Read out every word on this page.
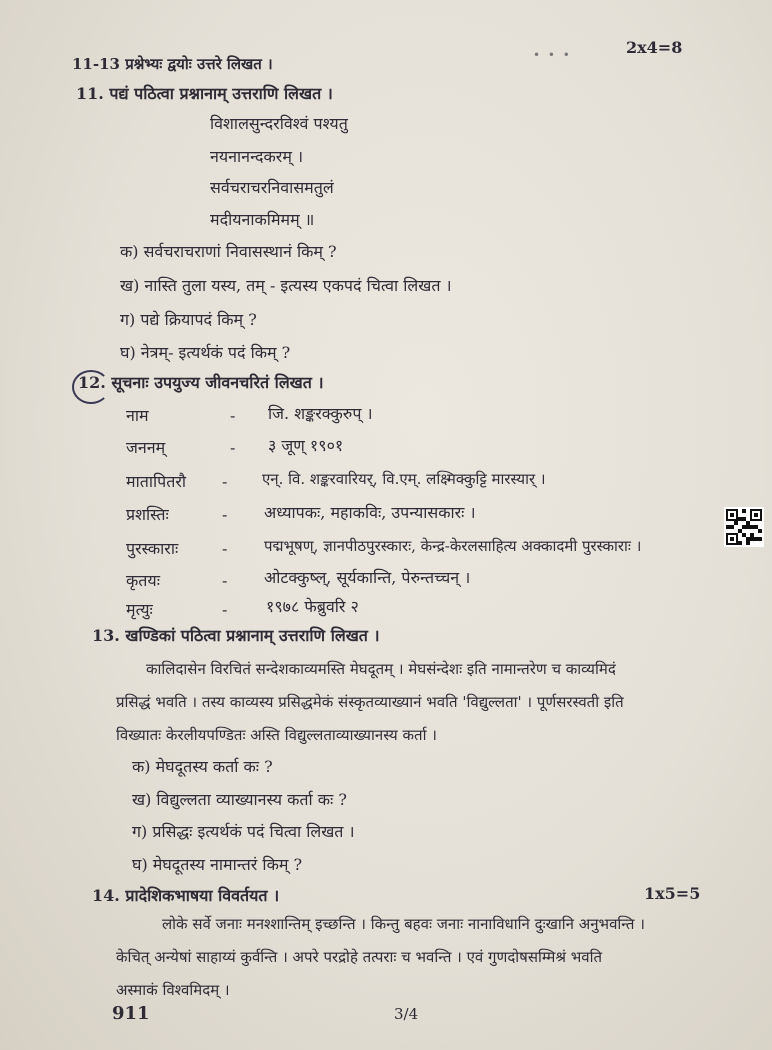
11-13 प्रश्नेभ्यः द्वयोः उत्तरे लिखत ।	• • •	2x4=8
11. पद्यं पठित्वा प्रश्नानाम् उत्तराणि लिखत ।
विशालसुन्दरविश्वं पश्यतु
नयनानन्दकरम् ।
सर्वचराचरनिवासमतुलं
मदीयनाकमिमम् ॥
क) सर्वचराचराणां निवासस्थानं किम् ?
ख) नास्ति तुला यस्य, तम् - इत्यस्य एकपदं चित्वा लिखत ।
ग) पद्ये क्रियापदं किम् ?
घ) नेत्रम्- इत्यर्थकं पदं किम् ?
12. सूचनाः उपयुज्य जीवनचरितं लिखत ।
नाम	- जि. शङ्करक्कुरुप् ।
जननम्	- ३ जूण् १९०१
मातापितरौ - एन्. वि. शङ्करवारियर्, वि.एम्. लक्ष्मिक्कुट्टि मारस्यार् ।
प्रशस्तिः	- अध्यापकः, महाकविः, उपन्यासकारः ।
पुरस्काराः	- पद्मभूषण्, ज्ञानपीठपुरस्कारः, केन्द्र-केरलसाहित्य अक्कादमी पुरस्काराः ।
कृतयः	- ओटक्कुष्ल्, सूर्यकान्ति, पेरुन्तच्चन् ।
मृत्युः	- १९७८ फेब्रुवरि २
13. खण्डिकां पठित्वा प्रश्नानाम् उत्तराणि लिखत ।
कालिदासेन विरचितं सन्देशकाव्यमस्ति मेघदूतम् । मेघसंन्देशः इति नामान्तरेण च काव्यमिदं
प्रसिद्धं भवति । तस्य काव्यस्य प्रसिद्धमेकं संस्कृतव्याख्यानं भवति 'विद्युल्लता' । पूर्णसरस्वती इति
विख्यातः केरलीयपण्डितः अस्ति विद्युल्लताव्याख्यानस्य कर्ता ।
क) मेघदूतस्य कर्ता कः ?
ख) विद्युल्लता व्याख्यानस्य कर्ता कः ?
ग) प्रसिद्धः इत्यर्थकं पदं चित्वा लिखत ।
घ) मेघदूतस्य नामान्तरं किम् ?
14. प्रादेशिकभाषया विवर्तयत ।	1x5=5
लोके सर्वे जनाः मनश्शान्तिम् इच्छन्ति । किन्तु बहवः जनाः नानाविधानि दुःखानि अनुभवन्ति ।
केचित् अन्येषां साहाय्यं कुर्वन्ति । अपरे परद्रोहे तत्पराः च भवन्ति । एवं गुणदोषसम्मिश्रं भवति
अस्माकं विश्वमिदम् ।
911	3/4
